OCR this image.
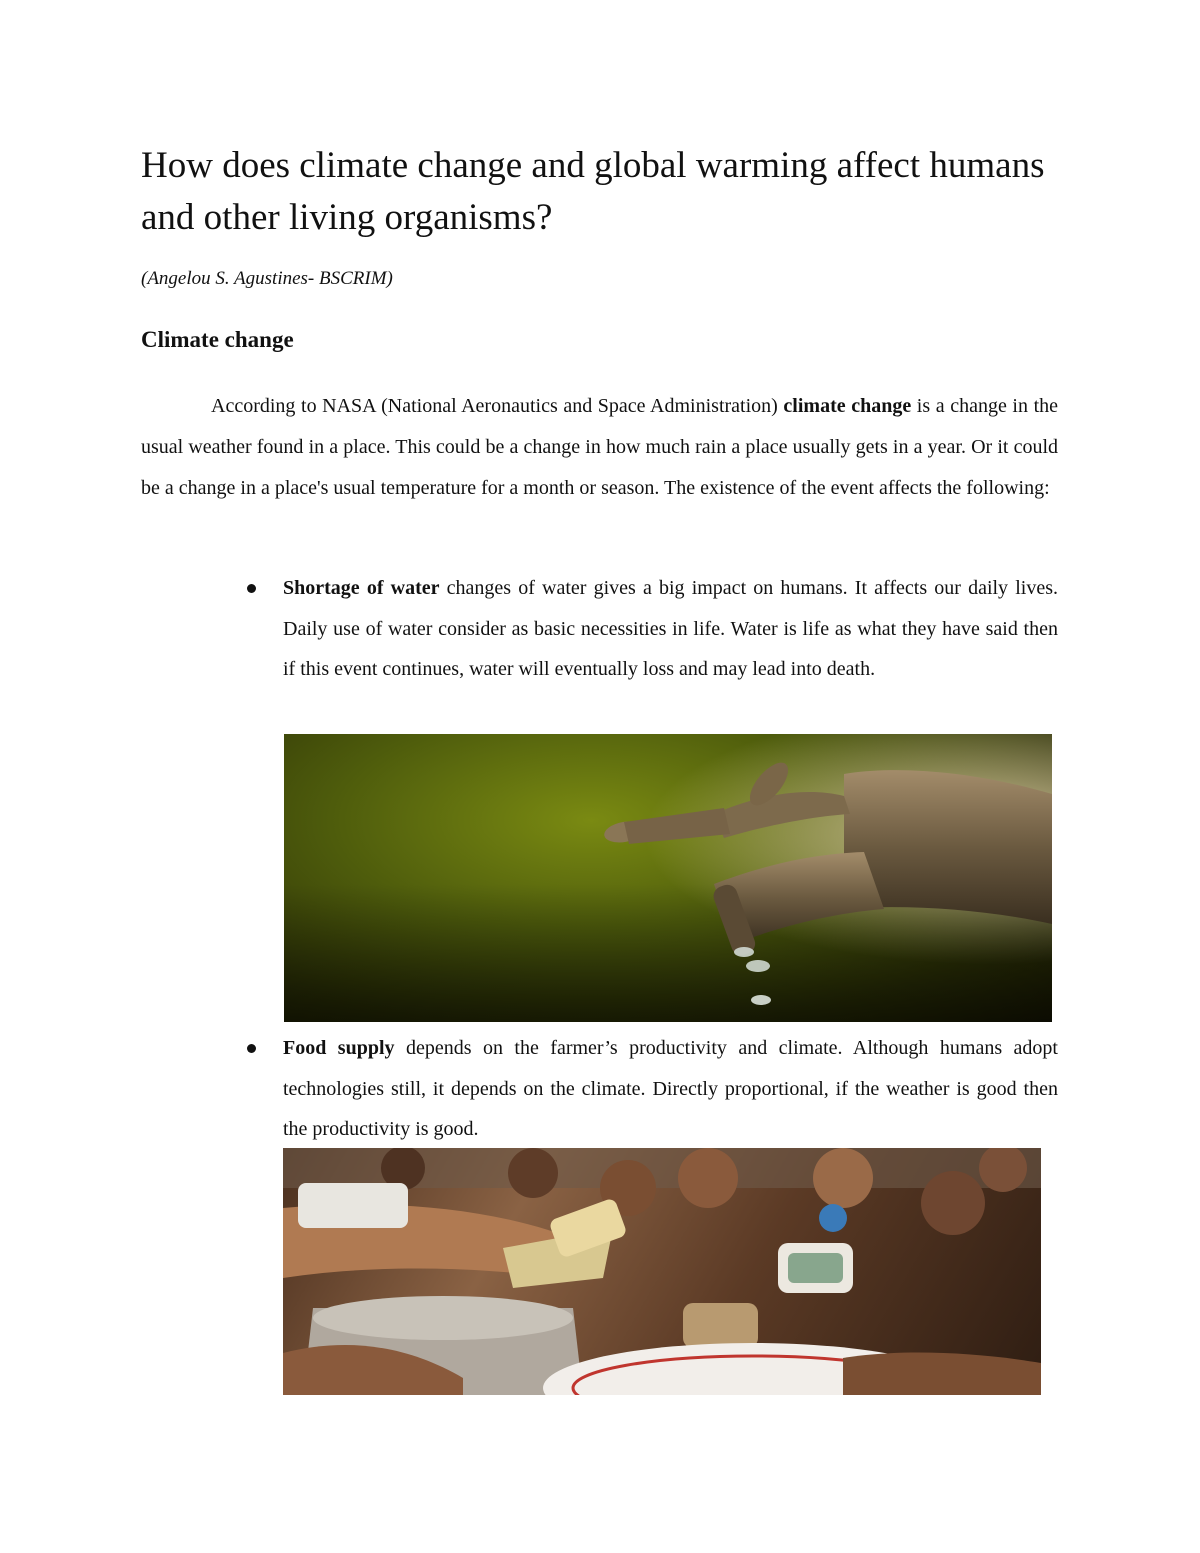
How does climate change and global warming affect humans and other living organisms?

(Angelou S. Agustines- BSCRIM)

Climate change

According to NASA (National Aeronautics and Space Administration) climate change is a change in the usual weather found in a place. This could be a change in how much rain a place usually gets in a year. Or it could be a change in a place's usual temperature for a month or season. The existence of the event affects the following:

Shortage of water changes of water gives a big impact on humans. It affects our daily lives. Daily use of water consider as basic necessities in life. Water is life as what they have said then if this event continues, water will eventually loss and may lead into death.

Food supply depends on the farmer’s productivity and climate. Although humans adopt technologies still, it depends on the climate. Directly proportional, if the weather is good then the productivity is good.
